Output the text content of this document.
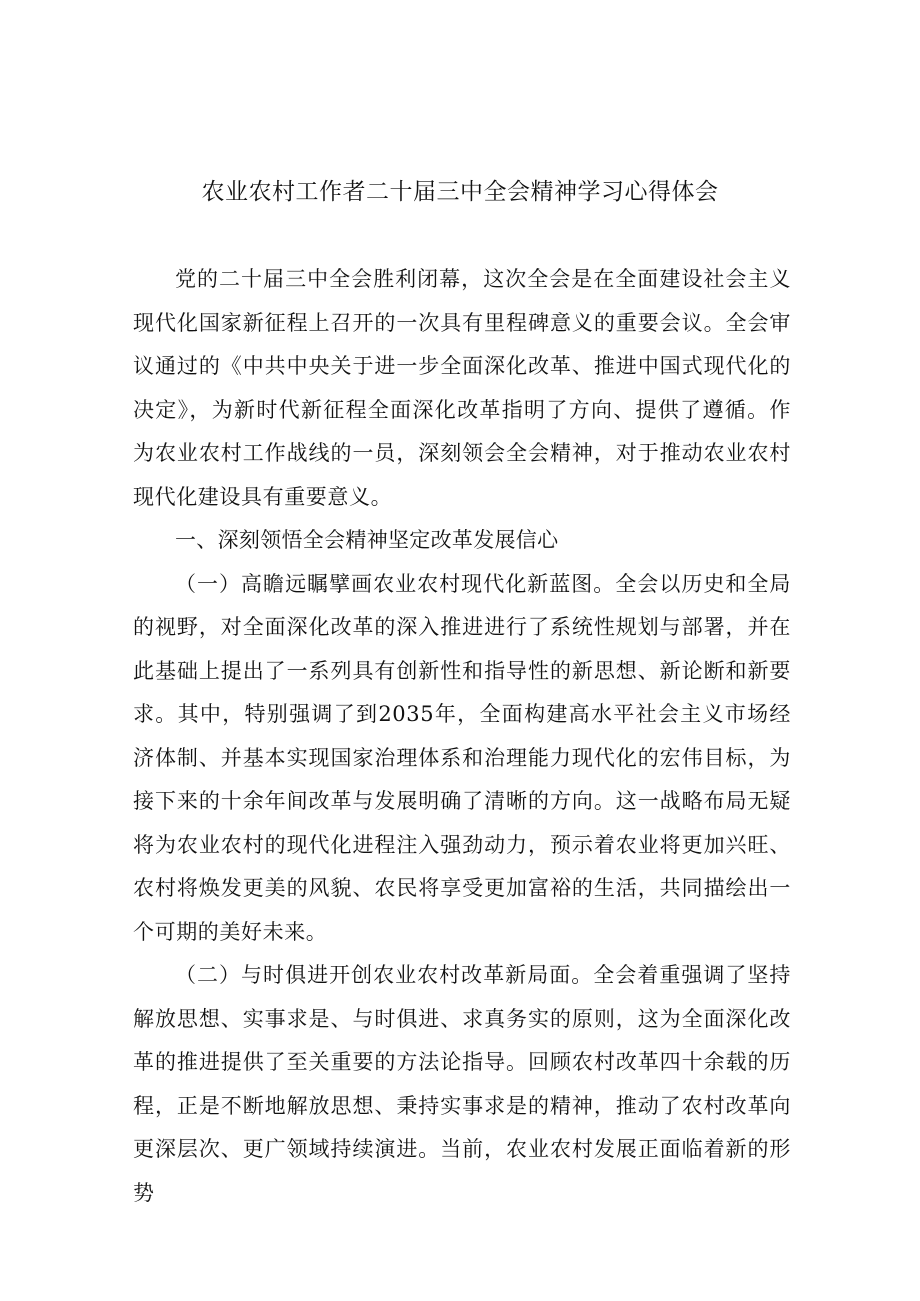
农业农村工作者二十届三中全会精神学习心得体会

党的二十届三中全会胜利闭幕，这次全会是在全面建设社会主义现代化国家新征程上召开的一次具有里程碑意义的重要会议。全会审议通过的《中共中央关于进一步全面深化改革、推进中国式现代化的决定》，为新时代新征程全面深化改革指明了方向、提供了遵循。作为农业农村工作战线的一员，深刻领会全会精神，对于推动农业农村现代化建设具有重要意义。

一、深刻领悟全会精神坚定改革发展信心

（一）高瞻远瞩擘画农业农村现代化新蓝图。全会以历史和全局的视野，对全面深化改革的深入推进进行了系统性规划与部署，并在此基础上提出了一系列具有创新性和指导性的新思想、新论断和新要求。其中，特别强调了到2035年，全面构建高水平社会主义市场经济体制、并基本实现国家治理体系和治理能力现代化的宏伟目标，为接下来的十余年间改革与发展明确了清晰的方向。这一战略布局无疑将为农业农村的现代化进程注入强劲动力，预示着农业将更加兴旺、农村将焕发更美的风貌、农民将享受更加富裕的生活，共同描绘出一个可期的美好未来。

（二）与时俱进开创农业农村改革新局面。全会着重强调了坚持解放思想、实事求是、与时俱进、求真务实的原则，这为全面深化改革的推进提供了至关重要的方法论指导。回顾农村改革四十余载的历程，正是不断地解放思想、秉持实事求是的精神，推动了农村改革向更深层次、更广领域持续演进。当前，农业农村发展正面临着新的形势
